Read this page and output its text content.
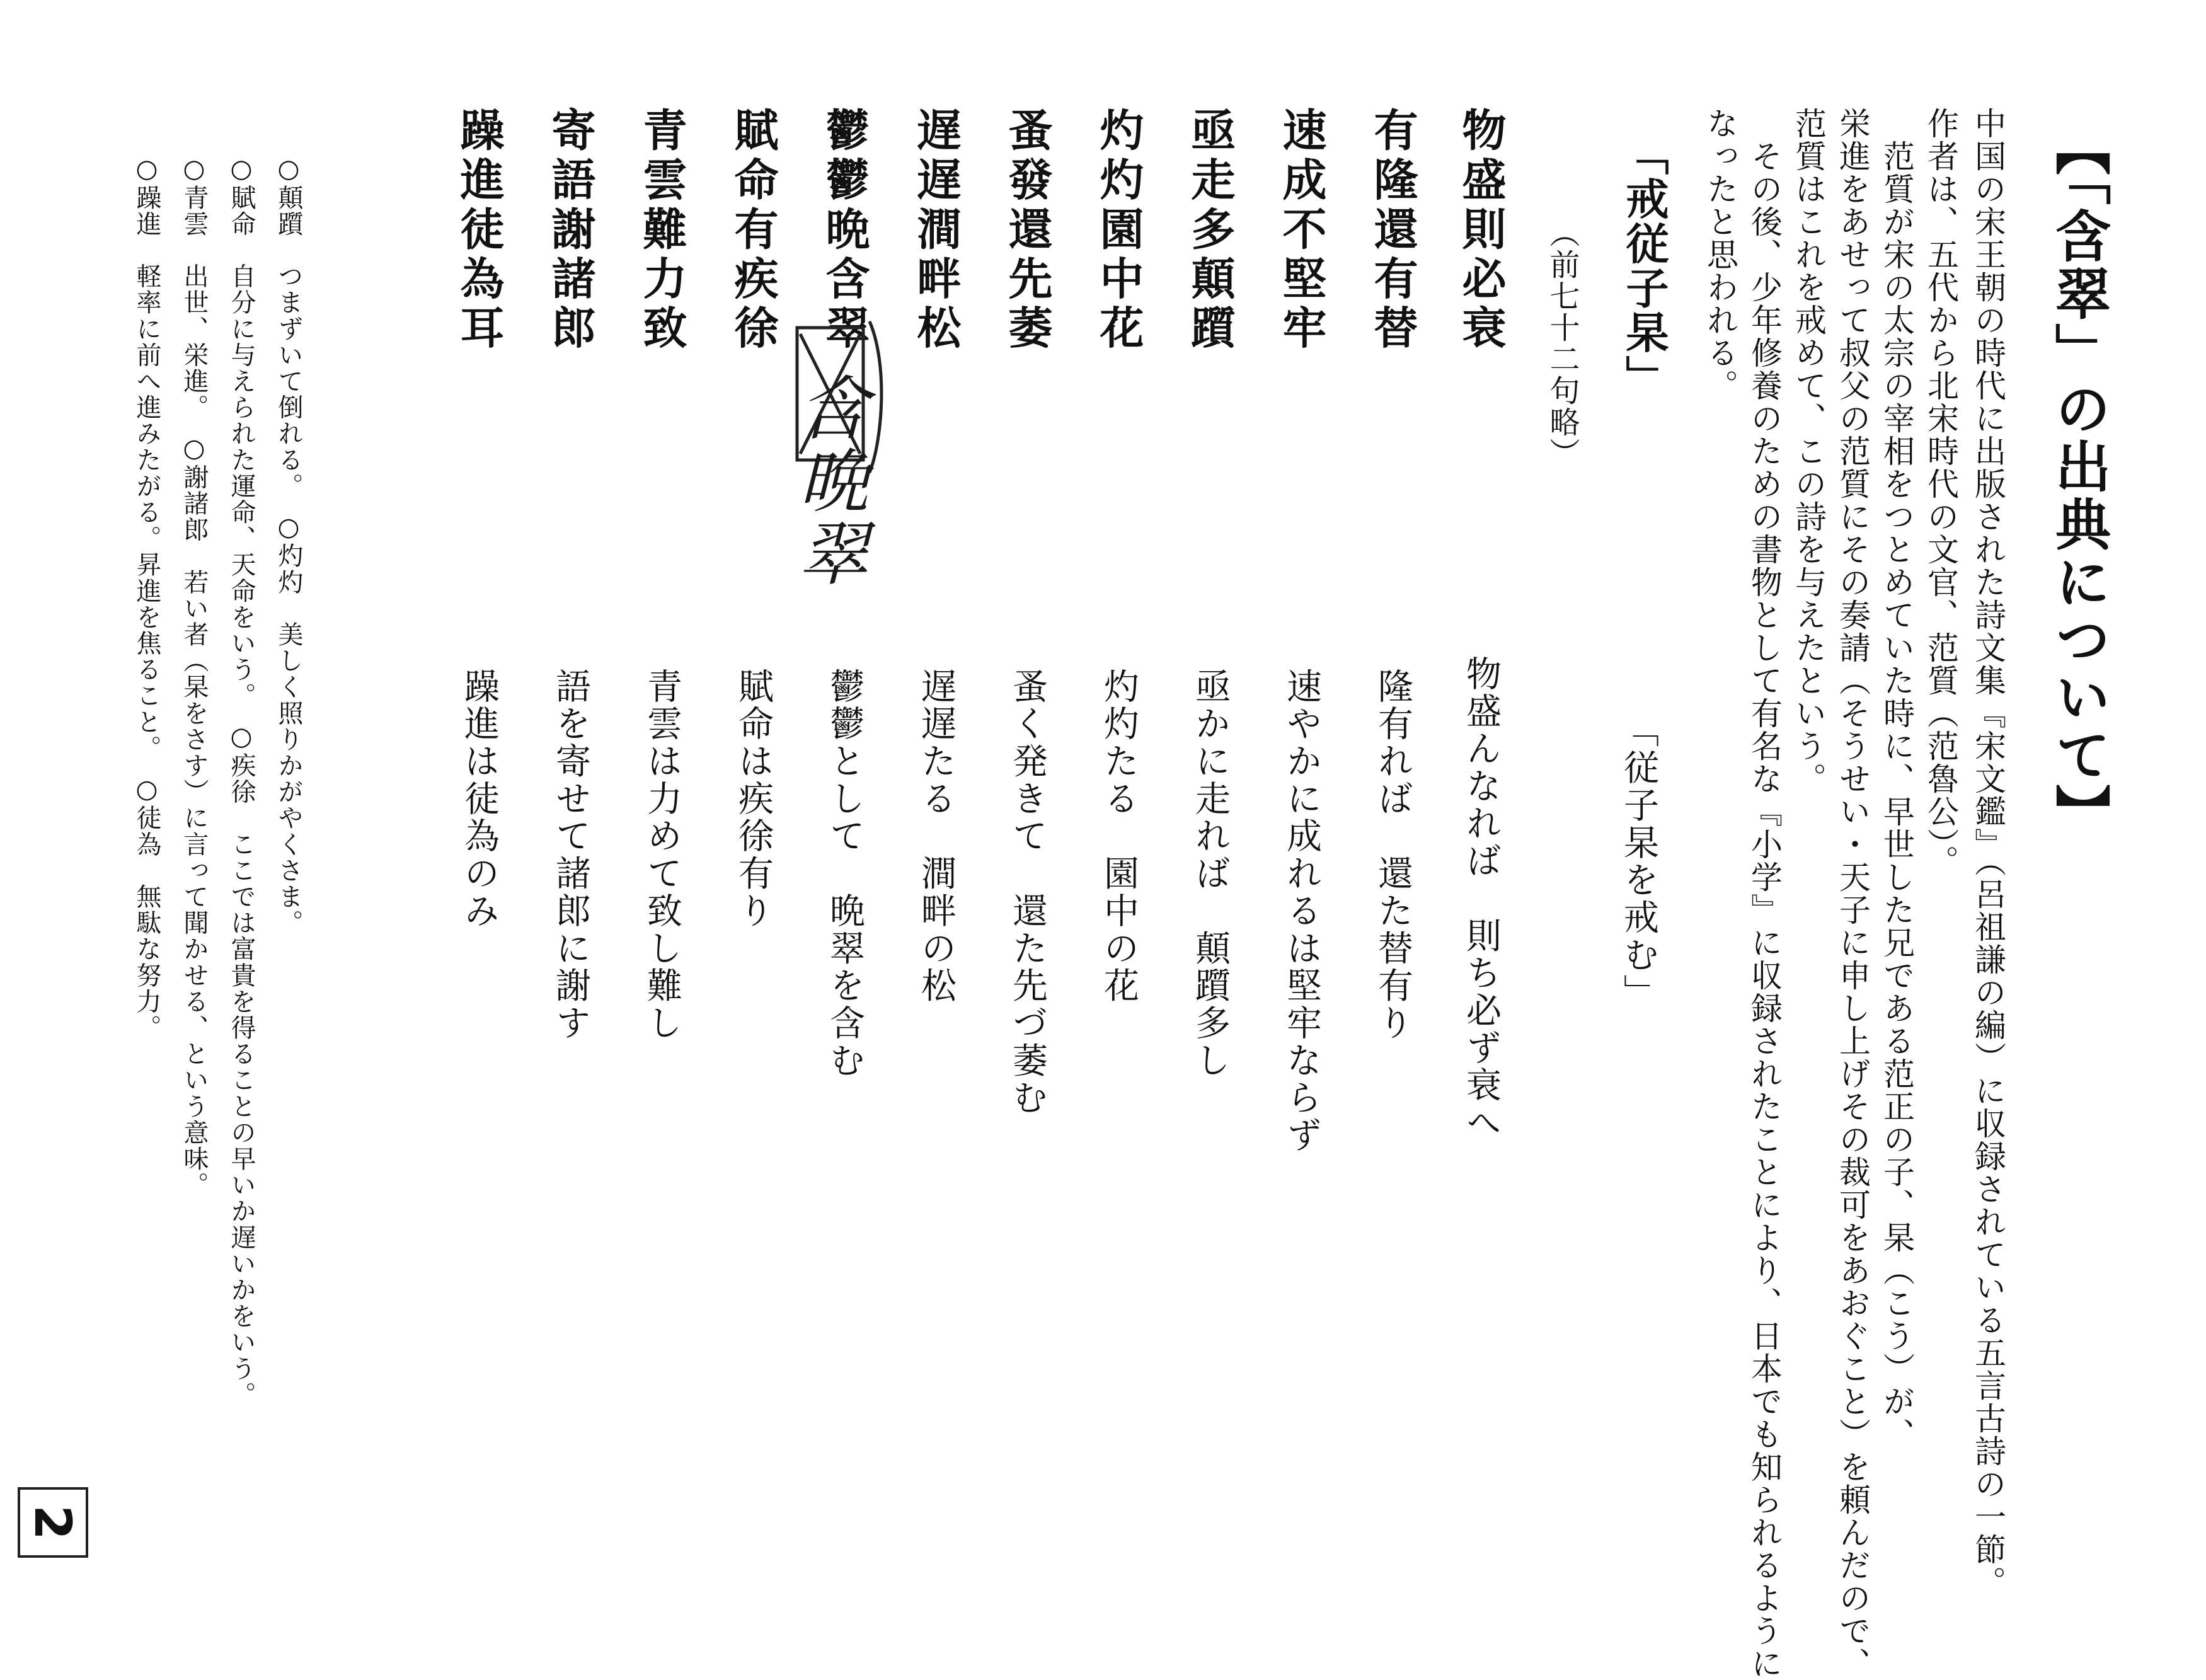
【「含翠」の出典について】
中国の宋王朝の時代に出版された詩文集『宋文鑑』（呂祖謙の編）に収録されている五言古詩の一節。
作者は、五代から北宋時代の文官、范質（范魯公）。
　范質が宋の太宗の宰相をつとめていた時に、早世した兄である范正の子、杲（こう）が、
栄進をあせって叔父の范質にその奏請（そうせい・天子に申し上げその裁可をあおぐこと）を頼んだので、
范質はこれを戒めて、この詩を与えたという。
　その後、少年修養のための書物として有名な『小学』に収録されたことにより、日本でも知られるように
なったと思われる。
「戒従子杲」
（前七十二句略）
「従子杲を戒む」
物盛則必衰
有隆還有替
速成不堅牢
亟走多顛躓
灼灼園中花
蚤發還先萎
遅遅澗畔松
鬱鬱晩含翠
賦命有疾徐
青雲難力致
寄語謝諸郎
躁進徒為耳
物盛んなれば　則ち必ず衰へ
隆有れば　還た替有り
速やかに成れるは堅牢ならず
亟かに走れば　顛躓多し
灼灼たる　園中の花
蚤く発きて　還た先づ萎む
遅遅たる　澗畔の松
鬱鬱として　晩翠を含む
賦命は疾徐有り
青雲は力めて致し難し
語を寄せて諸郎に謝す
躁進は徒為のみ
含晩翠
○顛躓　つまずいて倒れる。　○灼灼　美しく照りかがやくさま。
○賦命　自分に与えられた運命、天命をいう。　○疾徐　ここでは富貴を得ることの早いか遅いかをいう。
○青雲　出世、栄進。　○謝諸郎　若い者（杲をさす）に言って聞かせる、という意味。
○躁進　軽率に前へ進みたがる。昇進を焦ること。　○徒為　無駄な努力。
2
